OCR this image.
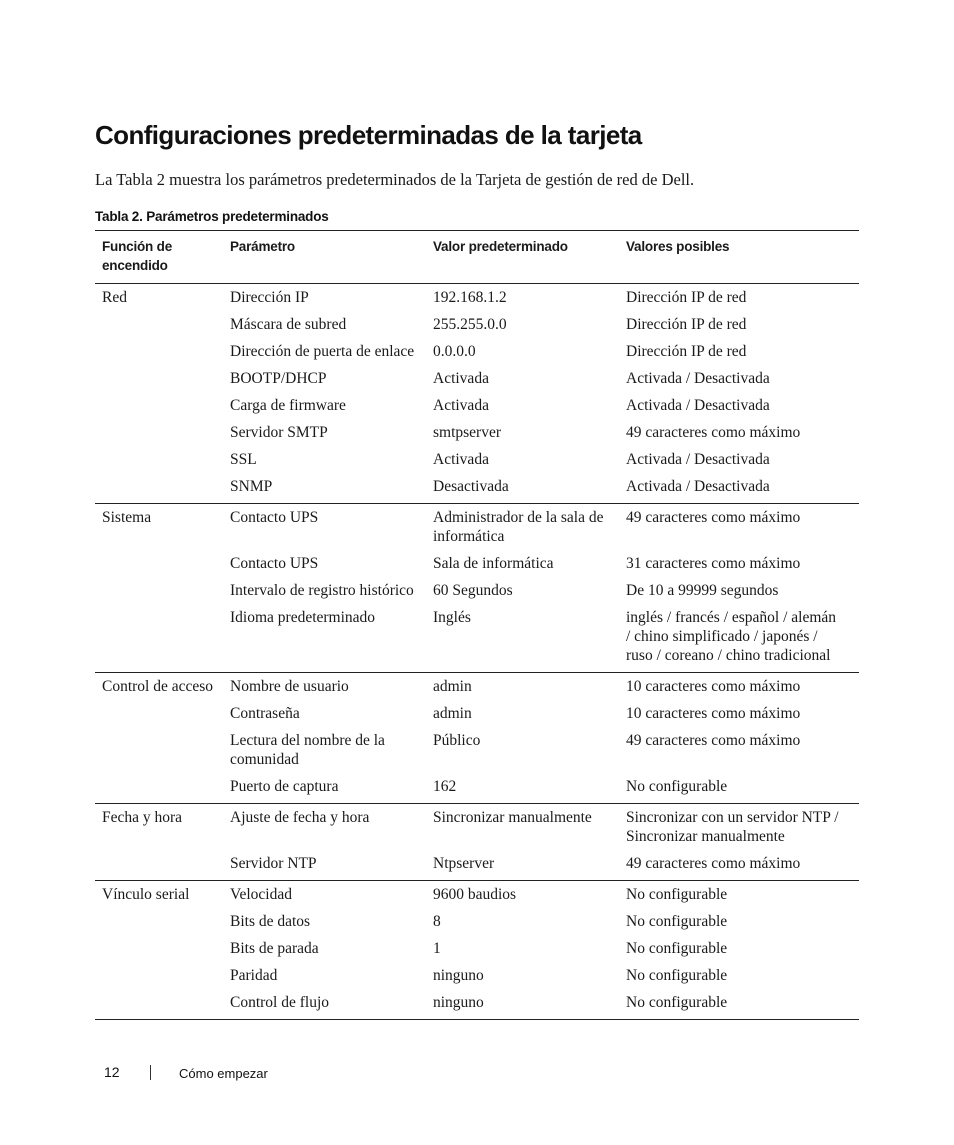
Configuraciones predeterminadas de la tarjeta

La Tabla 2 muestra los parámetros predeterminados de la Tarjeta de gestión de red de Dell.

Tabla 2. Parámetros predeterminados

Función de encendido	Parámetro	Valor predeterminado	Valores posibles
Red	Dirección IP	192.168.1.2	Dirección IP de red
	Máscara de subred	255.255.0.0	Dirección IP de red
	Dirección de puerta de enlace	0.0.0.0	Dirección IP de red
	BOOTP/DHCP	Activada	Activada / Desactivada
	Carga de firmware	Activada	Activada / Desactivada
	Servidor SMTP	smtpserver	49 caracteres como máximo
	SSL	Activada	Activada / Desactivada
	SNMP	Desactivada	Activada / Desactivada
Sistema	Contacto UPS	Administrador de la sala de informática	49 caracteres como máximo
	Contacto UPS	Sala de informática	31 caracteres como máximo
	Intervalo de registro histórico	60 Segundos	De 10 a 99999 segundos
	Idioma predeterminado	Inglés	inglés / francés / español / alemán
/ chino simplificado / japonés /
ruso / coreano / chino tradicional
Control de acceso	Nombre de usuario	admin	10 caracteres como máximo
	Contraseña	admin	10 caracteres como máximo
	Lectura del nombre de la comunidad	Público	49 caracteres como máximo
	Puerto de captura	162	No configurable
Fecha y hora	Ajuste de fecha y hora	Sincronizar manualmente	Sincronizar con un servidor NTP /
Sincronizar manualmente
	Servidor NTP	Ntpserver	49 caracteres como máximo
Vínculo serial	Velocidad	9600 baudios	No configurable
	Bits de datos	8	No configurable
	Bits de parada	1	No configurable
	Paridad	ninguno	No configurable
	Control de flujo	ninguno	No configurable
12	Cómo empezar
